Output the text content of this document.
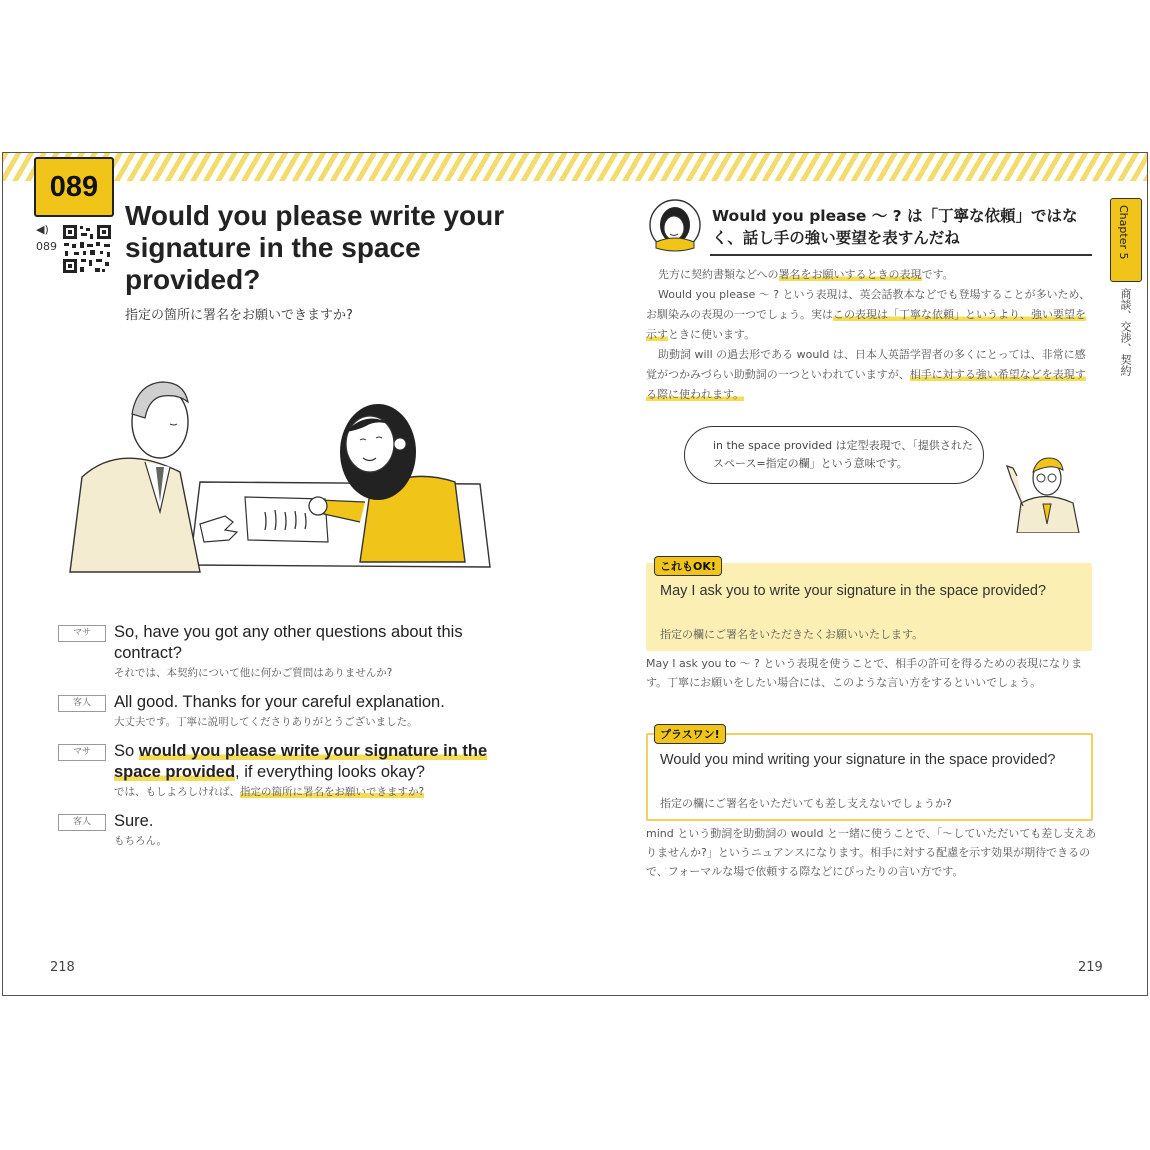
089
◀)
089
Would you please write your signature in the space provided?
指定の箇所に署名をお願いできますか?
マサ	So, have you got any other questions about this contract?
それでは、本契約について他に何かご質問はありませんか?
客人	All good. Thanks for your careful explanation.
大丈夫です。丁寧に説明してくださりありがとうございました。
マサ	So would you please write your signature in the space provided, if everything looks okay?
では、もしよろしければ、指定の箇所に署名をお願いできますか?
客人	Sure.
もちろん。
218
Would you please 〜 ? は「丁寧な依頼」ではなく、話し手の強い要望を表すんだね	Chapter 5
商談、交渉、契約

先方に契約書類などへの署名をお願いするときの表現です。

Would you please 〜 ? という表現は、英会話教本などでも登場することが多いため、お馴染みの表現の一つでしょう。実はこの表現は「丁寧な依頼」というより、強い要望を示すときに使います。

助動詞 will の過去形である would は、日本人英語学習者の多くにとっては、非常に感覚がつかみづらい助動詞の一つといわれていますが、相手に対する強い希望などを表現する際に使われます。

in the space provided は定型表現で、「提供されたスペース=指定の欄」という意味です。
これもOK!
May I ask you to write your signature in the space provided?
指定の欄にご署名をいただきたくお願いいたします。
May I ask you to 〜 ? という表現を使うことで、相手の許可を得るための表現になります。丁寧にお願いをしたい場合には、このような言い方をするといいでしょう。
プラスワン!
Would you mind writing your signature in the space provided?
指定の欄にご署名をいただいても差し支えないでしょうか?
mind という動詞を助動詞の would と一緒に使うことで、「〜していただいても差し支えありませんか?」というニュアンスになります。相手に対する配慮を示す効果が期待できるので、フォーマルな場で依頼する際などにぴったりの言い方です。
219
